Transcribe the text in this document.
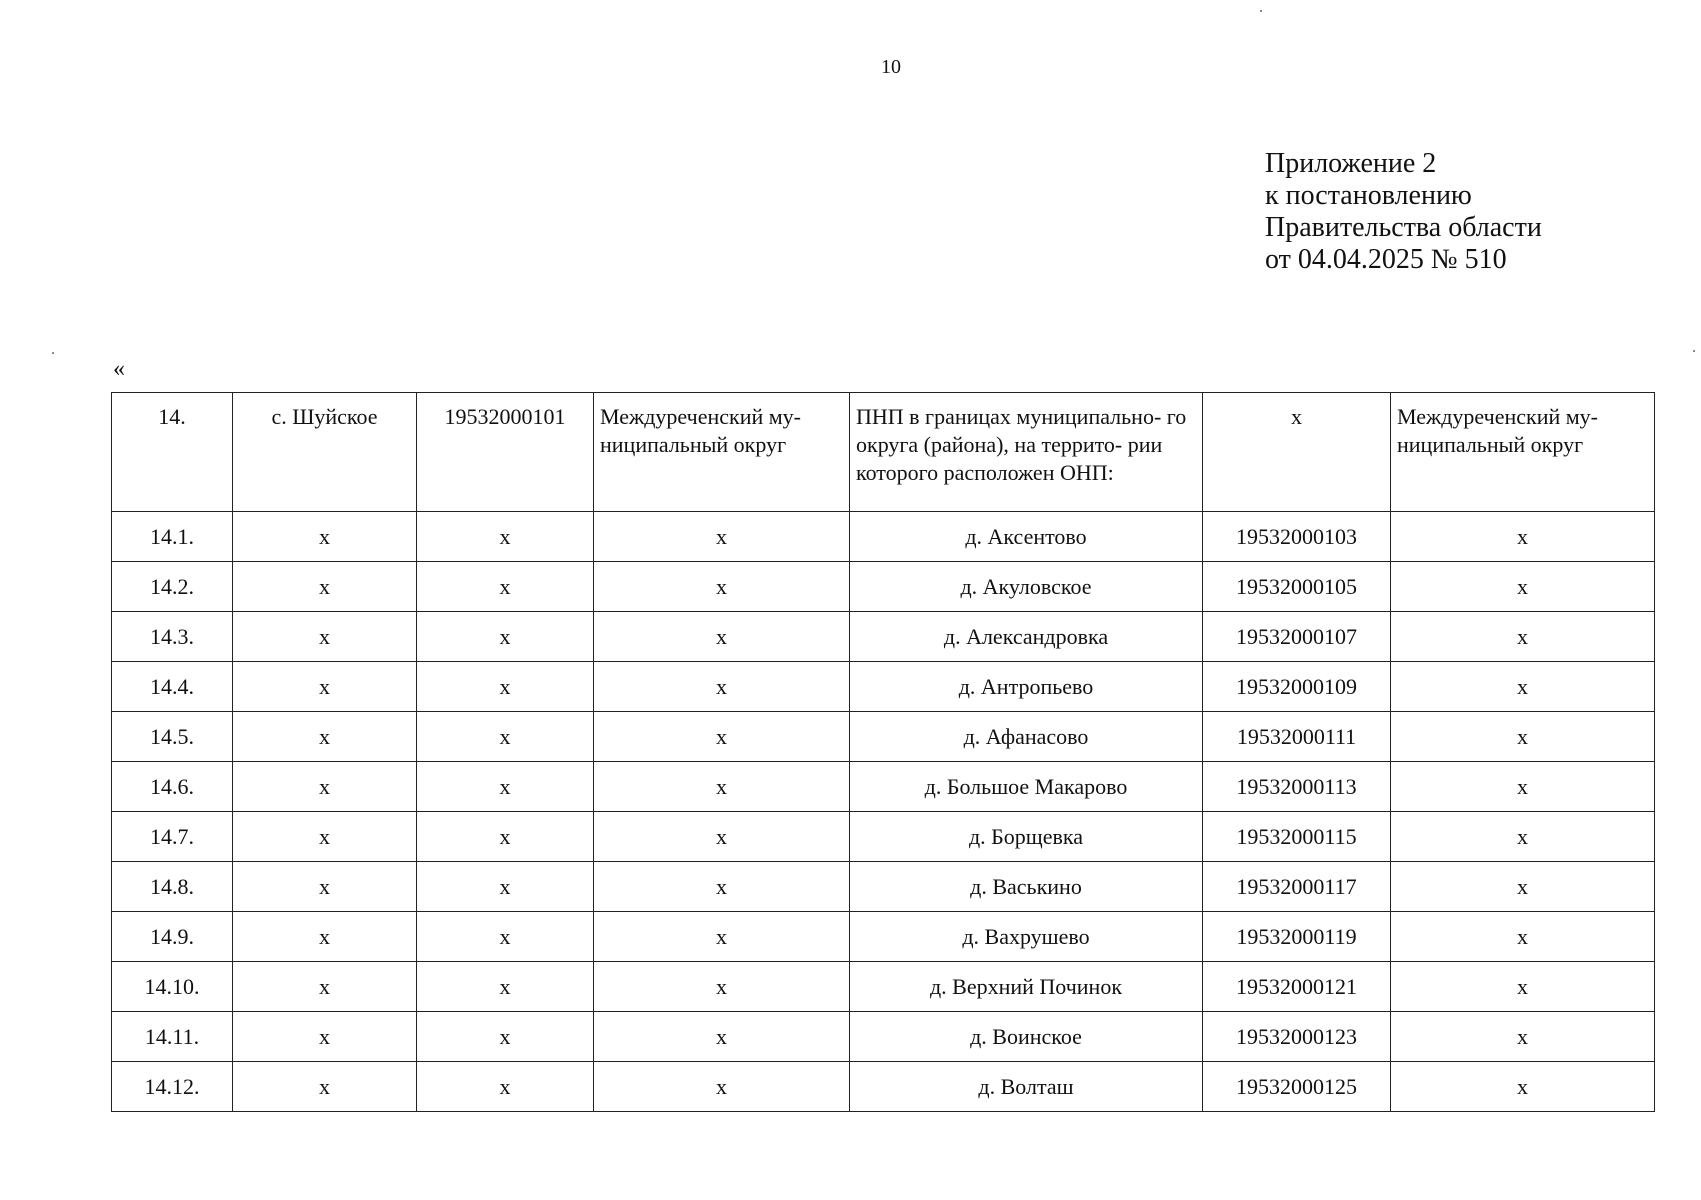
10
Приложение 2
к постановлению
Правительства области
от 04.04.2025 № 510
«
14.	с. Шуйское	19532000101	Междуреченский му- ниципальный округ	ПНП в границах муниципально- го округа (района), на террито- рии которого расположен ОНП:	х	Междуреченский му- ниципальный округ
14.1.	х	х	х	д. Аксентово	19532000103	х
14.2.	х	х	х	д. Акуловское	19532000105	х
14.3.	х	х	х	д. Александровка	19532000107	х
14.4.	х	х	х	д. Антропьево	19532000109	х
14.5.	х	х	х	д. Афанасово	19532000111	х
14.6.	х	х	х	д. Большое Макарово	19532000113	х
14.7.	х	х	х	д. Борщевка	19532000115	х
14.8.	х	х	х	д. Васькино	19532000117	х
14.9.	х	х	х	д. Вахрушево	19532000119	х
14.10.	х	х	х	д. Верхний Починок	19532000121	х
14.11.	х	х	х	д. Воинское	19532000123	х
14.12.	х	х	х	д. Волташ	19532000125	х
